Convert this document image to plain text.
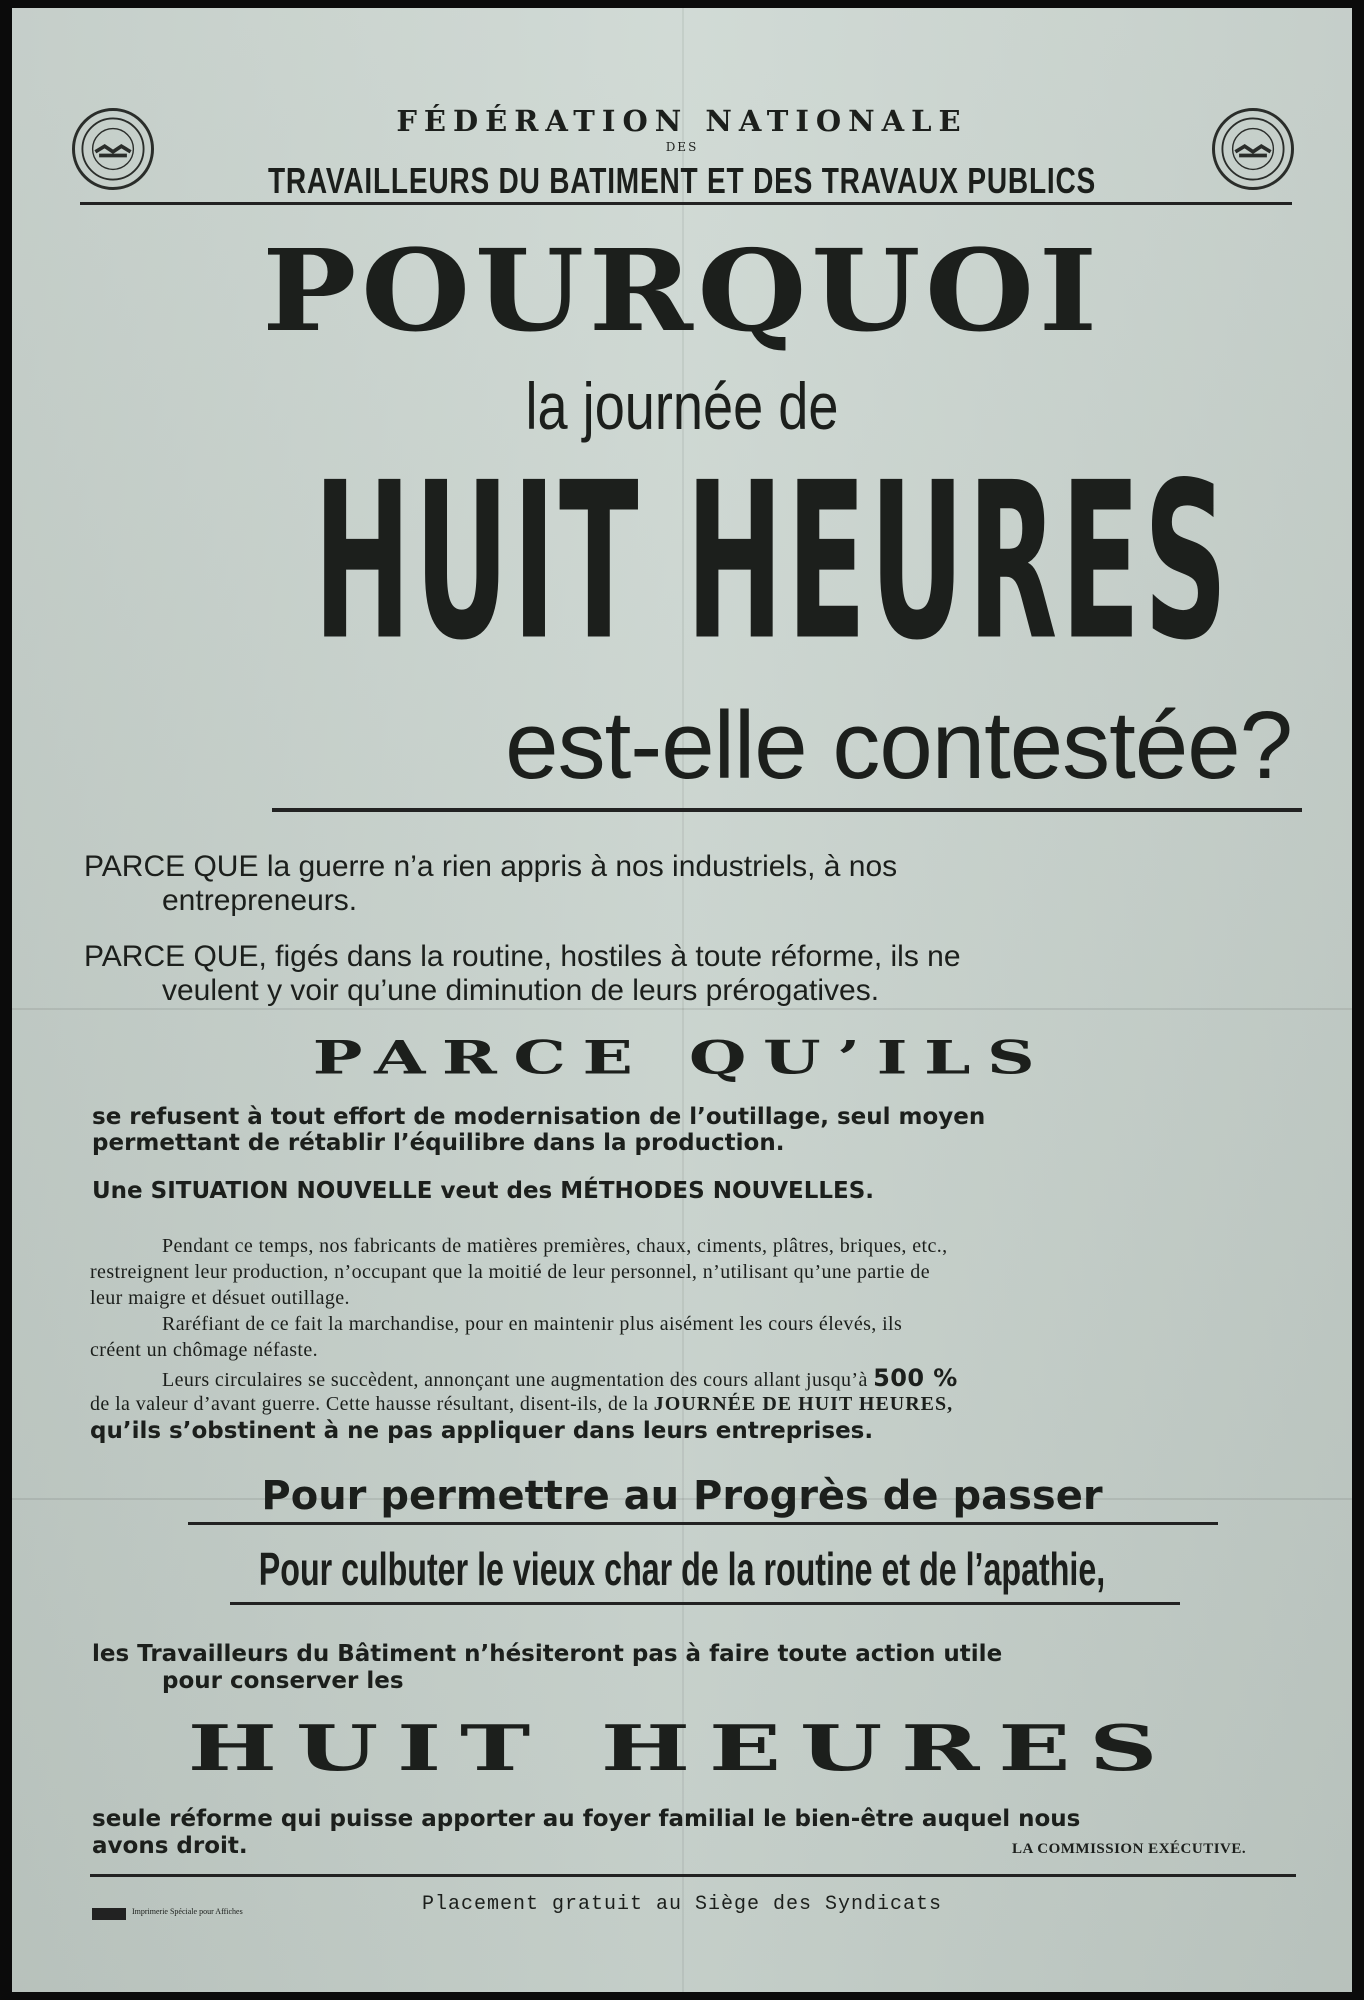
FÉDÉRATION NATIONALE

DES

TRAVAILLEURS DU BATIMENT ET DES TRAVAUX PUBLICS

POURQUOI

la journée de

HUIT HEURES

est-elle contestée?

PARCE QUE la guerre n’a rien appris à nos industriels, à nos

entrepreneurs.

PARCE QUE, figés dans la routine, hostiles à toute réforme, ils ne

veulent y voir qu’une diminution de leurs prérogatives.

PARCE QU’ILS

se refusent à tout effort de modernisation de l’outillage, seul moyen

permettant de rétablir l’équilibre dans la production.

Une SITUATION NOUVELLE veut des MÉTHODES NOUVELLES.

Pendant ce temps, nos fabricants de matières premières, chaux, ciments, plâtres, briques, etc.,

restreignent leur production, n’occupant que la moitié de leur personnel, n’utilisant qu’une partie de

leur maigre et désuet outillage.

Raréfiant de ce fait la marchandise, pour en maintenir plus aisément les cours élevés, ils

créent un chômage néfaste.

Leurs circulaires se succèdent, annonçant une augmentation des cours allant jusqu’à 500 %

de la valeur d’avant guerre. Cette hausse résultant, disent-ils, de la JOURNÉE DE HUIT HEURES,

qu’ils s’obstinent à ne pas appliquer dans leurs entreprises.

Pour permettre au Progrès de passer

Pour culbuter le vieux char de la routine et de l’apathie,

les Travailleurs du Bâtiment n’hésiteront pas à faire toute action utile

pour conserver les

HUIT HEURES

seule réforme qui puisse apporter au foyer familial le bien-être auquel nous

avons droit.	LA COMMISSION EXÉCUTIVE.

Imprimerie Spéciale pour Affiches	Placement gratuit au Siège des Syndicats
